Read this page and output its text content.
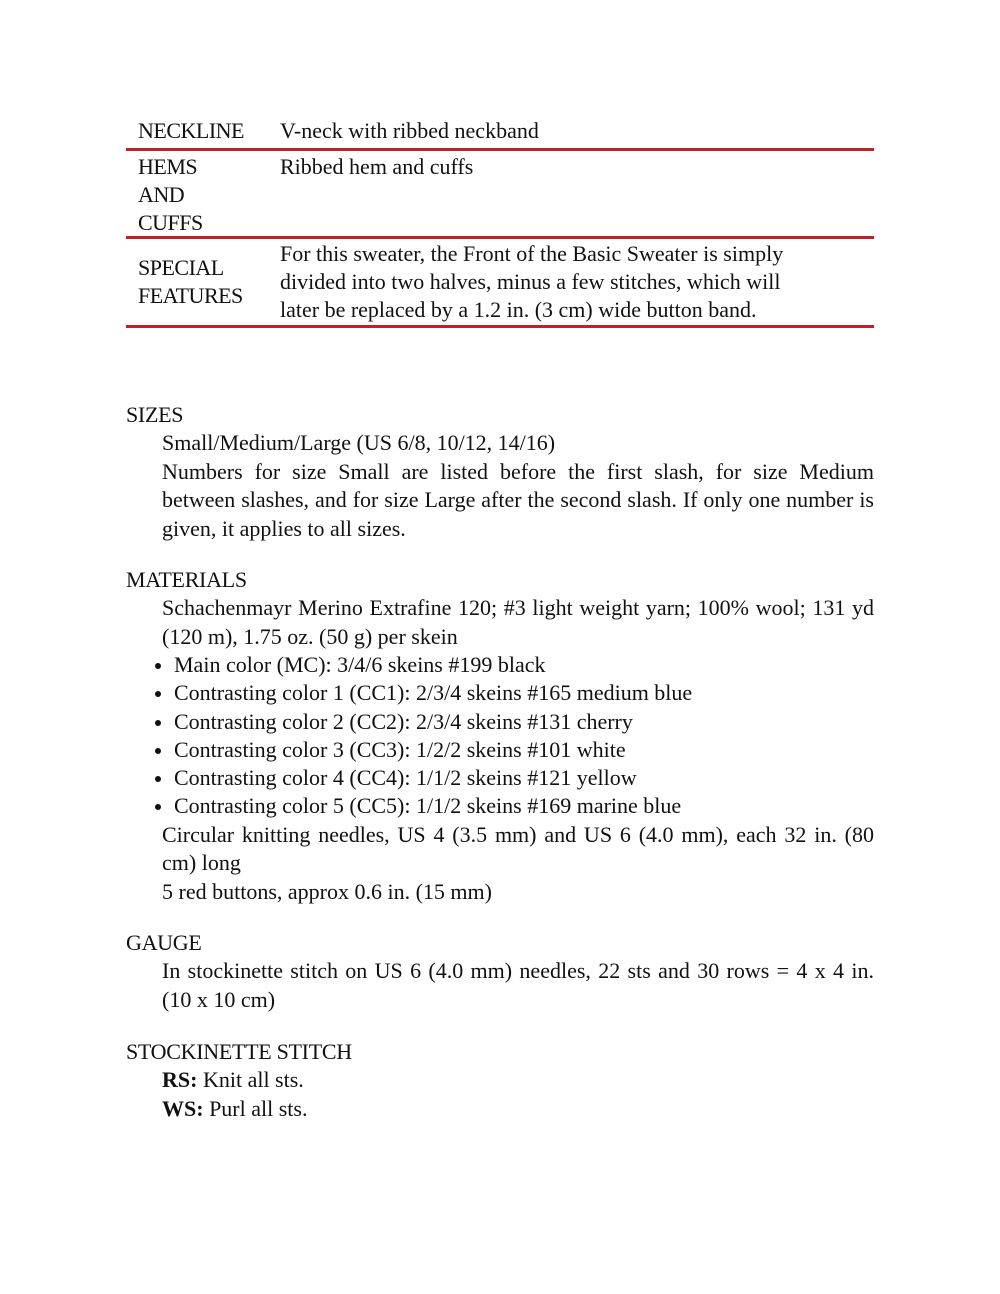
NECKLINE	V-neck with ribbed neckband
HEMS
AND
CUFFS
Ribbed hem and cuffs
SPECIAL
FEATURES
For this sweater, the Front of the Basic Sweater is simply
divided into two halves, minus a few stitches, which will
later be replaced by a 1.2 in. (3 cm) wide button band.
SIZES
Small/Medium/Large (US 6/8, 10/12, 14/16)
Numbers for size Small are listed before the first slash, for size Medium between slashes, and for size Large after the second slash. If only one number is given, it applies to all sizes.
MATERIALS
Schachenmayr Merino Extrafine 120; #3 light weight yarn; 100% wool; 131 yd (120 m), 1.75 oz. (50 g) per skein
Main color (MC): 3/4/6 skeins #199 black
Contrasting color 1 (CC1): 2/3/4 skeins #165 medium blue
Contrasting color 2 (CC2): 2/3/4 skeins #131 cherry
Contrasting color 3 (CC3): 1/2/2 skeins #101 white
Contrasting color 4 (CC4): 1/1/2 skeins #121 yellow
Contrasting color 5 (CC5): 1/1/2 skeins #169 marine blue
Circular knitting needles, US 4 (3.5 mm) and US 6 (4.0 mm), each 32 in. (80 cm) long
5 red buttons, approx 0.6 in. (15 mm)
GAUGE
In stockinette stitch on US 6 (4.0 mm) needles, 22 sts and 30 rows = 4 x 4 in. (10 x 10 cm)
STOCKINETTE STITCH
RS: Knit all sts.
WS: Purl all sts.
